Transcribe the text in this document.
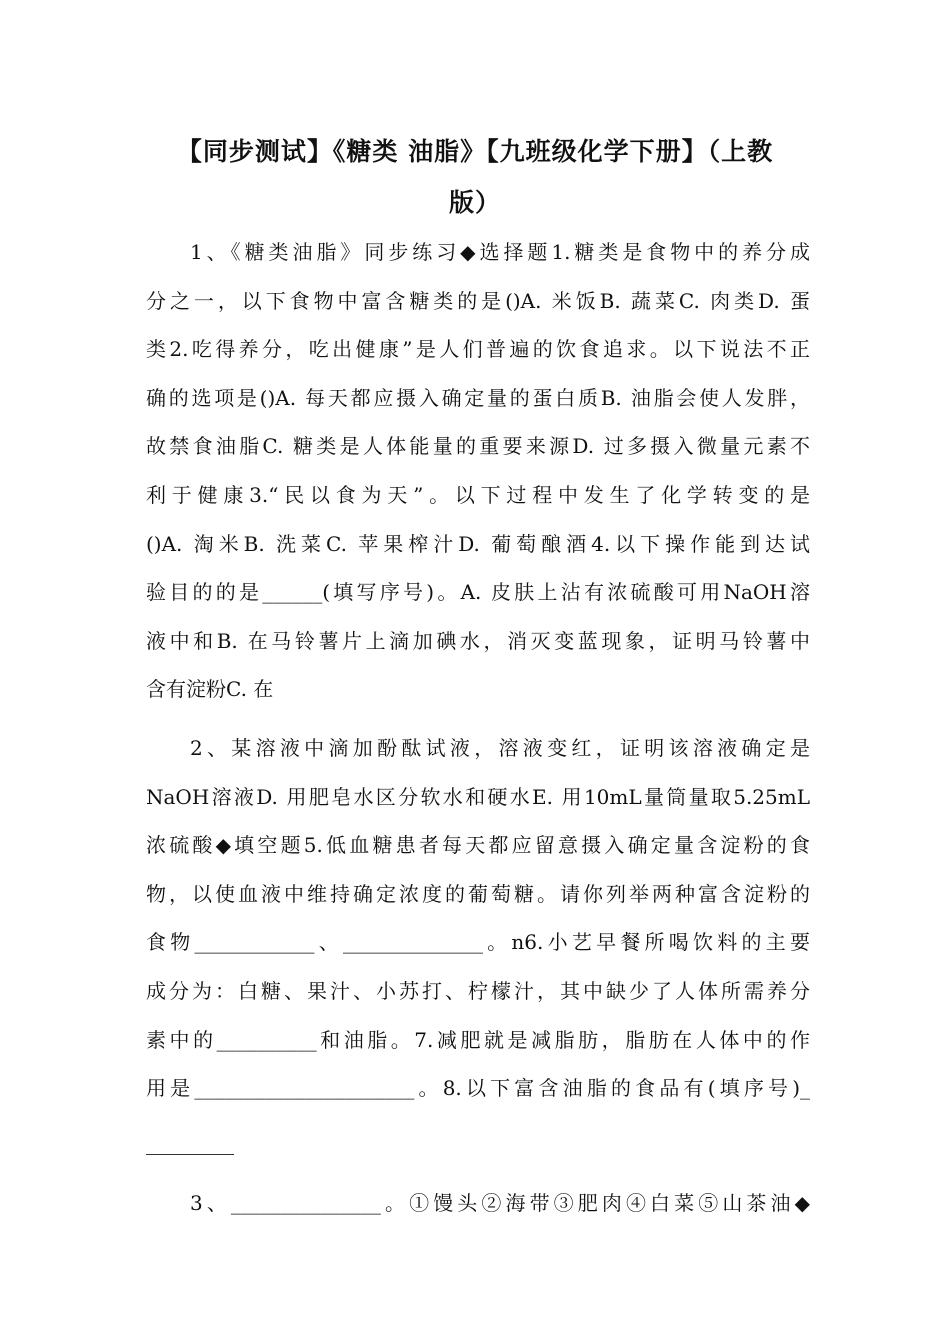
【同步测试】《糖类 油脂》【九班级化学下册】（上教
版）
1、《糖类油脂》同步练习◆选择题1.糖类是食物中的养分成
分之一，以下食物中富含糖类的是()A. 米饭B. 蔬菜C. 肉类D. 蛋
类2.吃得养分，吃出健康”是人们普遍的饮食追求。以下说法不正
确的选项是()A. 每天都应摄入确定量的蛋白质B. 油脂会使人发胖，
故禁食油脂C. 糖类是人体能量的重要来源D. 过多摄入微量元素不
利于健康3.“民以食为天”。以下过程中发生了化学转变的是
()A. 淘米B. 洗菜C. 苹果榨汁D. 葡萄酿酒4.以下操作能到达试
验目的的是______(填写序号)。A. 皮肤上沾有浓硫酸可用NaOH溶
液中和B. 在马铃薯片上滴加碘水，消灭变蓝现象，证明马铃薯中
含有淀粉C. 在
2、某溶液中滴加酚酞试液，溶液变红，证明该溶液确定是
NaOH溶液D. 用肥皂水区分软水和硬水E. 用10mL量筒量取5.25mL
浓硫酸◆填空题5.低血糖患者每天都应留意摄入确定量含淀粉的食
物，以使血液中维持确定浓度的葡萄糖。请你列举两种富含淀粉的
食物____________、______________。n6.小艺早餐所喝饮料的主要
成分为：白糖、果汁、小苏打、柠檬汁，其中缺少了人体所需养分
素中的__________和油脂。7.减肥就是减脂肪，脂肪在人体中的作
用是______________________。8.以下富含油脂的食品有(填序号)_
3、_______________。①馒头②海带③肥肉④白菜⑤山茶油◆
